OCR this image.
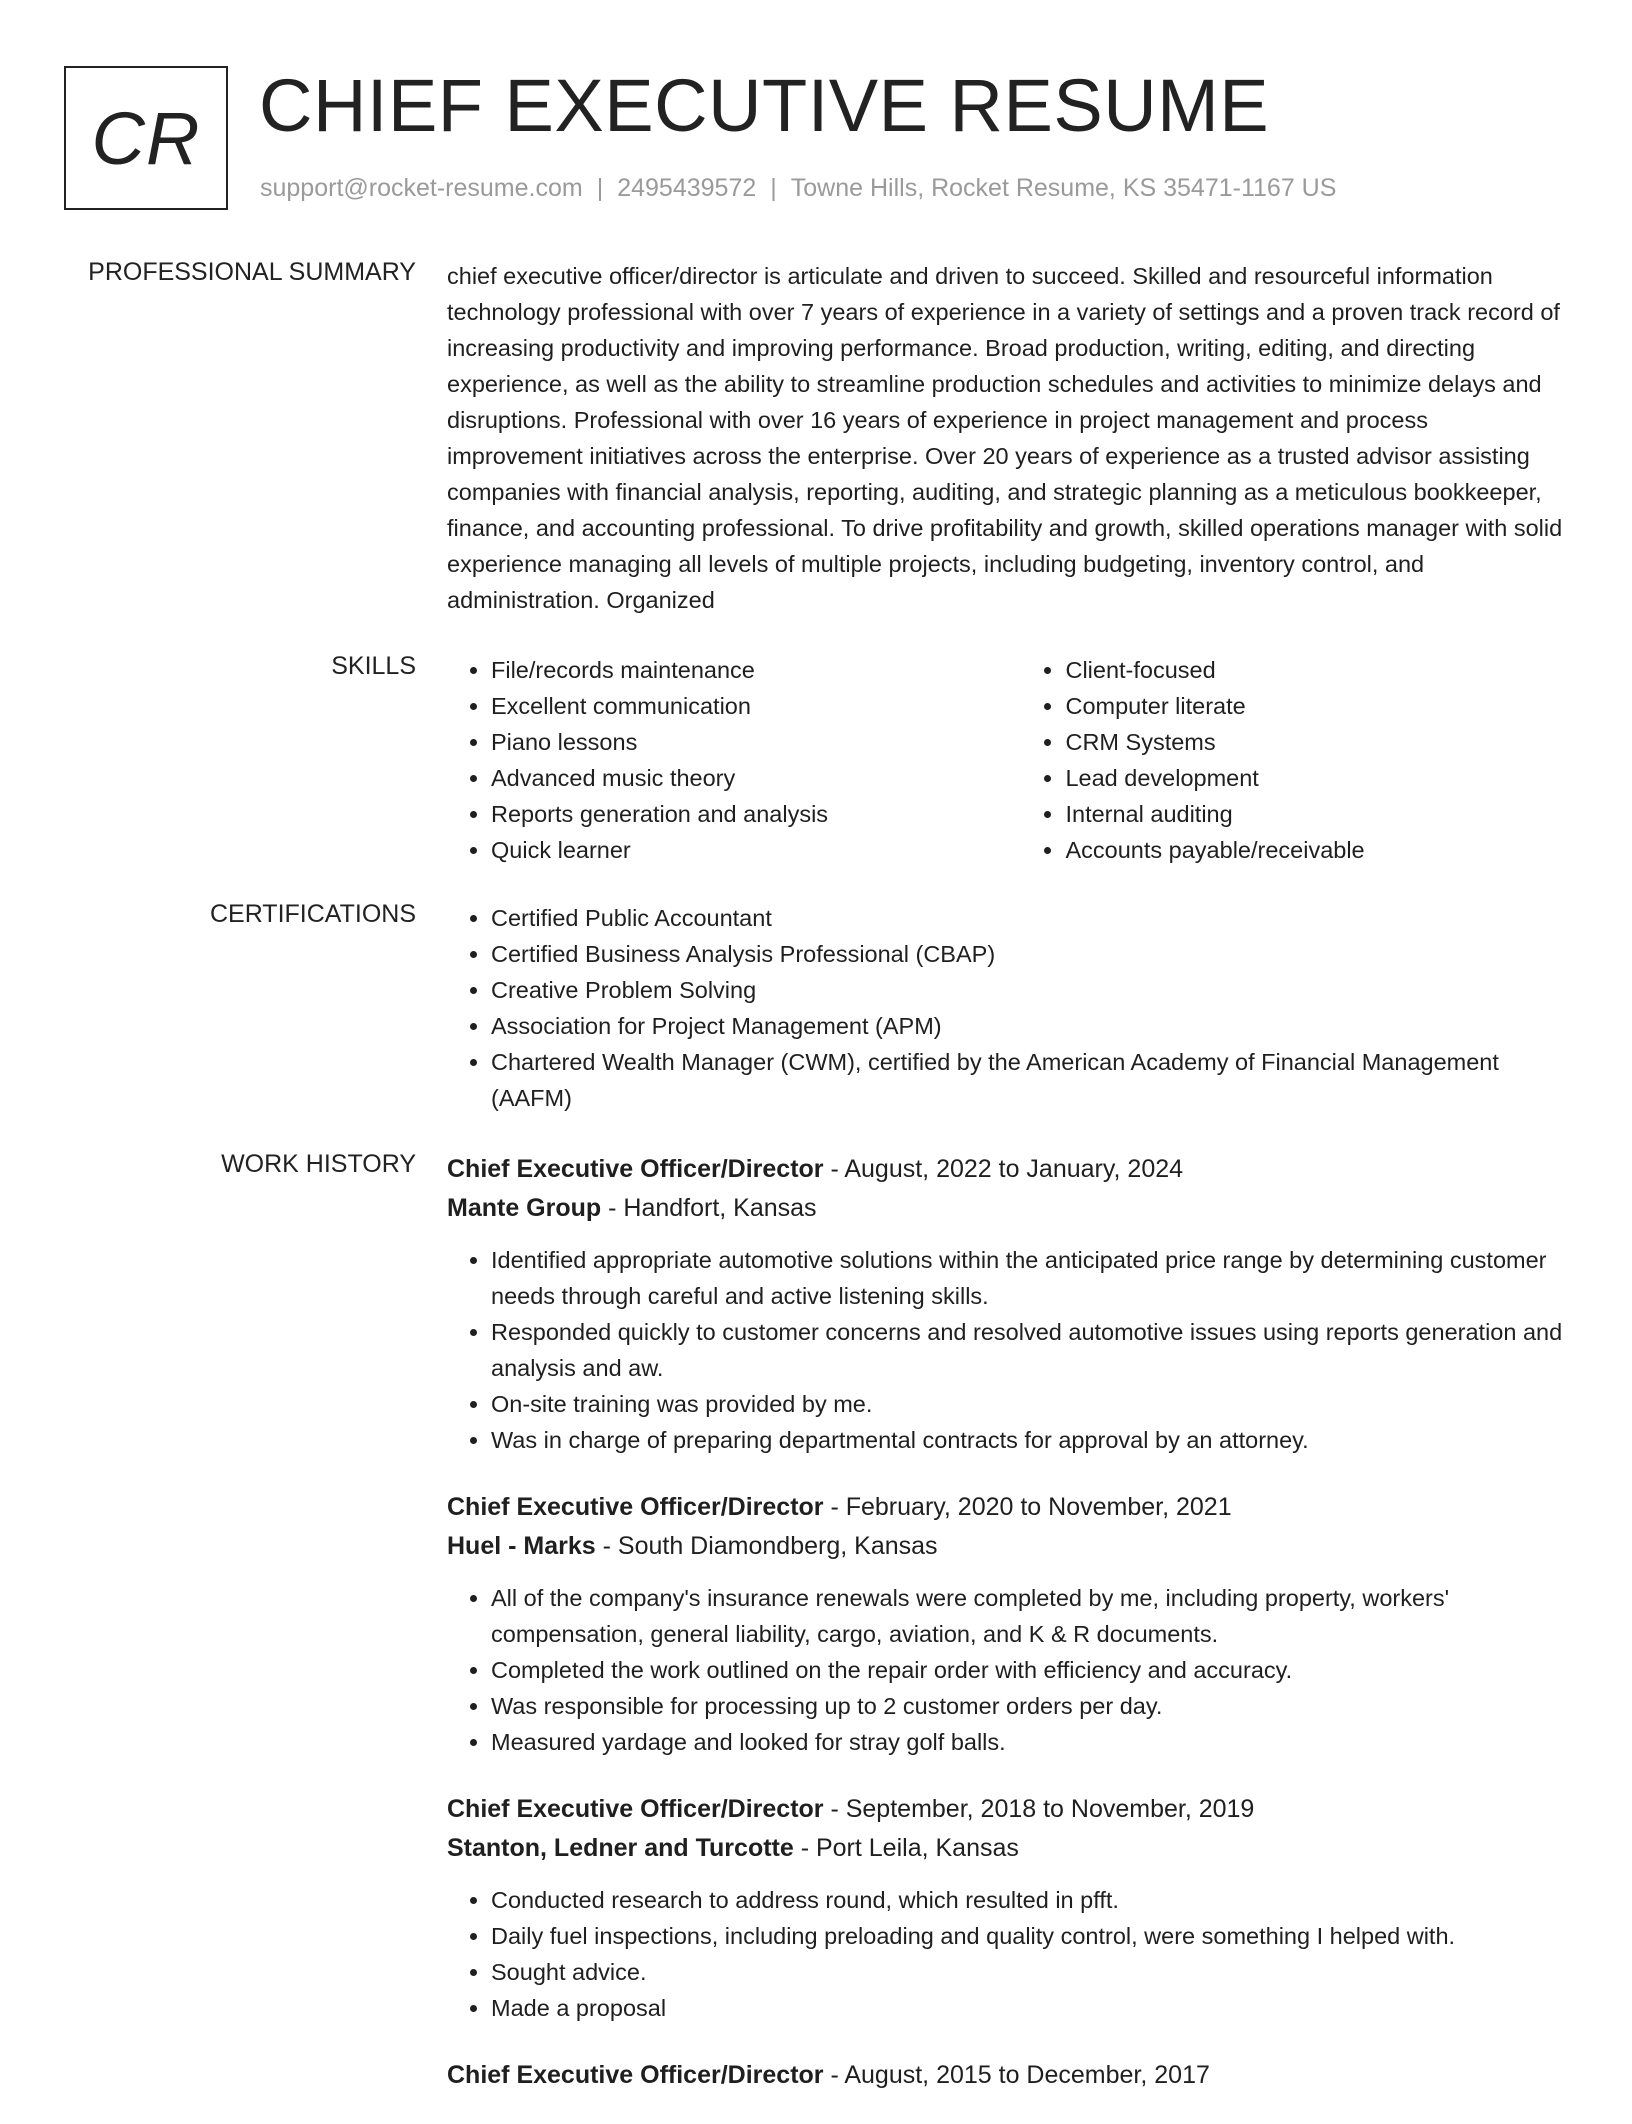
CR CHIEF EXECUTIVE RESUME
support@rocket-resume.com | 2495439572 | Towne Hills, Rocket Resume, KS 35471-1167 US
PROFESSIONAL SUMMARY chief executive officer/director is articulate and driven to succeed. Skilled and resourceful information technology professional with over 7 years of experience in a variety of settings and a proven track record of increasing productivity and improving performance. Broad production, writing, editing, and directing experience, as well as the ability to streamline production schedules and activities to minimize delays and disruptions. Professional with over 16 years of experience in project management and process improvement initiatives across the enterprise. Over 20 years of experience as a trusted advisor assisting companies with financial analysis, reporting, auditing, and strategic planning as a meticulous bookkeeper, finance, and accounting professional. To drive profitability and growth, skilled operations manager with solid experience managing all levels of multiple projects, including budgeting, inventory control, and administration. Organized
SKILLS	• File/records maintenance
• Excellent communication
• Piano lessons
• Advanced music theory
• Reports generation and analysis
• Quick learner
• Client-focused
• Computer literate
• CRM Systems
• Lead development
• Internal auditing
• Accounts payable/receivable
CERTIFICATIONS	• Certified Public Accountant
• Certified Business Analysis Professional (CBAP)
• Creative Problem Solving
• Association for Project Management (APM)
• Chartered Wealth Manager (CWM), certified by the American Academy of Financial Management (AAFM)
WORK HISTORY Chief Executive Officer/Director - August, 2022 to January, 2024
Mante Group - Handfort, Kansas
• Identified appropriate automotive solutions within the anticipated price range by determining customer needs through careful and active listening skills.
• Responded quickly to customer concerns and resolved automotive issues using reports generation and analysis and aw.
• On-site training was provided by me.
• Was in charge of preparing departmental contracts for approval by an attorney.
Chief Executive Officer/Director - February, 2020 to November, 2021
Huel - Marks - South Diamondberg, Kansas
• All of the company's insurance renewals were completed by me, including property, workers' compensation, general liability, cargo, aviation, and K & R documents.
• Completed the work outlined on the repair order with efficiency and accuracy.
• Was responsible for processing up to 2 customer orders per day.
• Measured yardage and looked for stray golf balls.
Chief Executive Officer/Director - September, 2018 to November, 2019
Stanton, Ledner and Turcotte - Port Leila, Kansas
• Conducted research to address round, which resulted in pfft.
• Daily fuel inspections, including preloading and quality control, were something I helped with.
• Sought advice.
• Made a proposal
Chief Executive Officer/Director - August, 2015 to December, 2017
